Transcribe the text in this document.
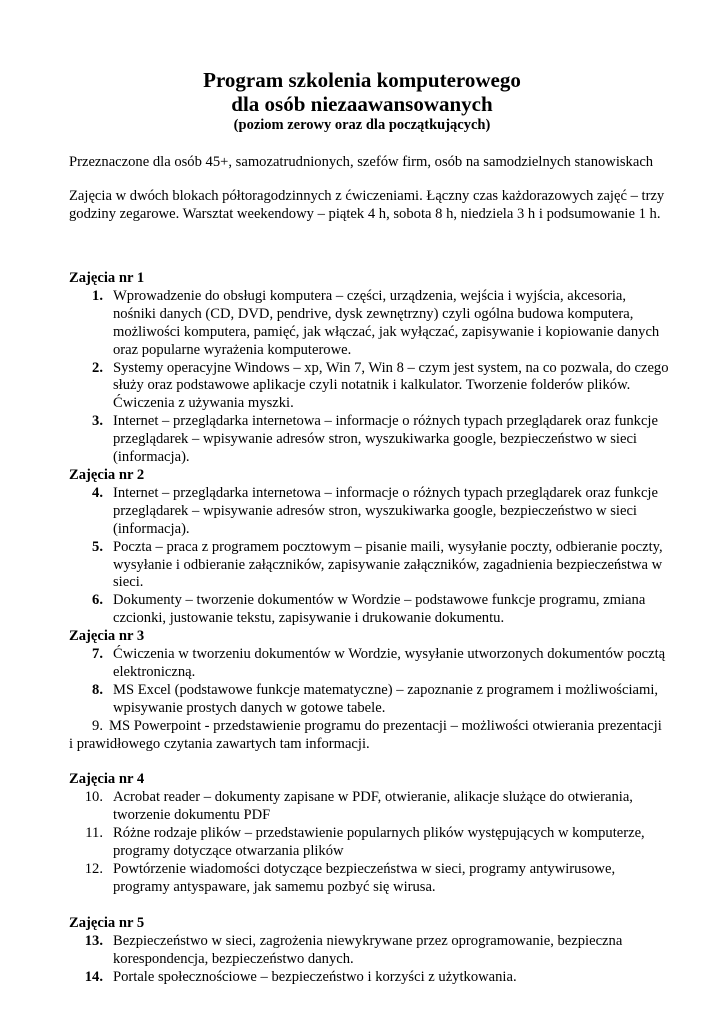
Program szkolenia komputerowego

dla osób niezaawansowanych

(poziom zerowy oraz dla początkujących)

Przeznaczone dla osób 45+, samozatrudnionych, szefów firm, osób na samodzielnych stanowiskach

Zajęcia w dwóch blokach półtoragodzinnych z ćwiczeniami. Łączny czas każdorazowych zajęć – trzy godziny zegarowe. Warsztat weekendowy – piątek 4 h, sobota 8 h, niedziela 3 h i podsumowanie 1 h.

Zajęcia nr 1

1. Wprowadzenie do obsługi komputera – części, urządzenia, wejścia i wyjścia, akcesoria, nośniki danych (CD, DVD, pendrive, dysk zewnętrzny) czyli ogólna budowa komputera, możliwości komputera, pamięć, jak włączać, jak wyłączać, zapisywanie i kopiowanie danych oraz popularne wyrażenia komputerowe.
2. Systemy operacyjne Windows – xp, Win 7, Win 8 – czym jest system, na co pozwala, do czego służy oraz podstawowe aplikacje czyli notatnik i kalkulator. Tworzenie folderów plików. Ćwiczenia z używania myszki.
3. Internet – przeglądarka internetowa – informacje o różnych typach przeglądarek oraz funkcje przeglądarek – wpisywanie adresów stron, wyszukiwarka google, bezpieczeństwo w sieci (informacja).

Zajęcia nr 2

4. Internet – przeglądarka internetowa – informacje o różnych typach przeglądarek oraz funkcje przeglądarek – wpisywanie adresów stron, wyszukiwarka google, bezpieczeństwo w sieci (informacja).
5. Poczta – praca z programem pocztowym – pisanie maili, wysyłanie poczty, odbieranie poczty, wysyłanie i odbieranie załączników, zapisywanie załączników, zagadnienia bezpieczeństwa w sieci.
6. Dokumenty – tworzenie dokumentów w Wordzie – podstawowe funkcje programu, zmiana czcionki, justowanie tekstu, zapisywanie i drukowanie dokumentu.

Zajęcia nr 3

7. Ćwiczenia w tworzeniu dokumentów w Wordzie, wysyłanie utworzonych dokumentów pocztą elektroniczną.
8. MS Excel (podstawowe funkcje matematyczne) – zapoznanie z programem i możliwościami, wpisywanie prostych danych w gotowe tabele.
9. MS Powerpoint - przedstawienie programu do prezentacji – możliwości otwierania prezentacji i prawidłowego czytania zawartych tam informacji.

Zajęcia nr 4

10. Acrobat reader – dokumenty zapisane w PDF, otwieranie, alikacje slużące do otwierania, tworzenie dokumentu PDF
11. Różne rodzaje plików – przedstawienie popularnych plików występujących w komputerze, programy dotyczące otwarzania plików
12. Powtórzenie wiadomości dotyczące bezpieczeństwa w sieci, programy antywirusowe, programy antyspaware, jak samemu pozbyć się wirusa.

Zajęcia nr 5

13. Bezpieczeństwo w sieci, zagrożenia niewykrywane przez oprogramowanie, bezpieczna korespondencja, bezpieczeństwo danych.
14. Portale społecznościowe – bezpieczeństwo i korzyści z użytkowania.
